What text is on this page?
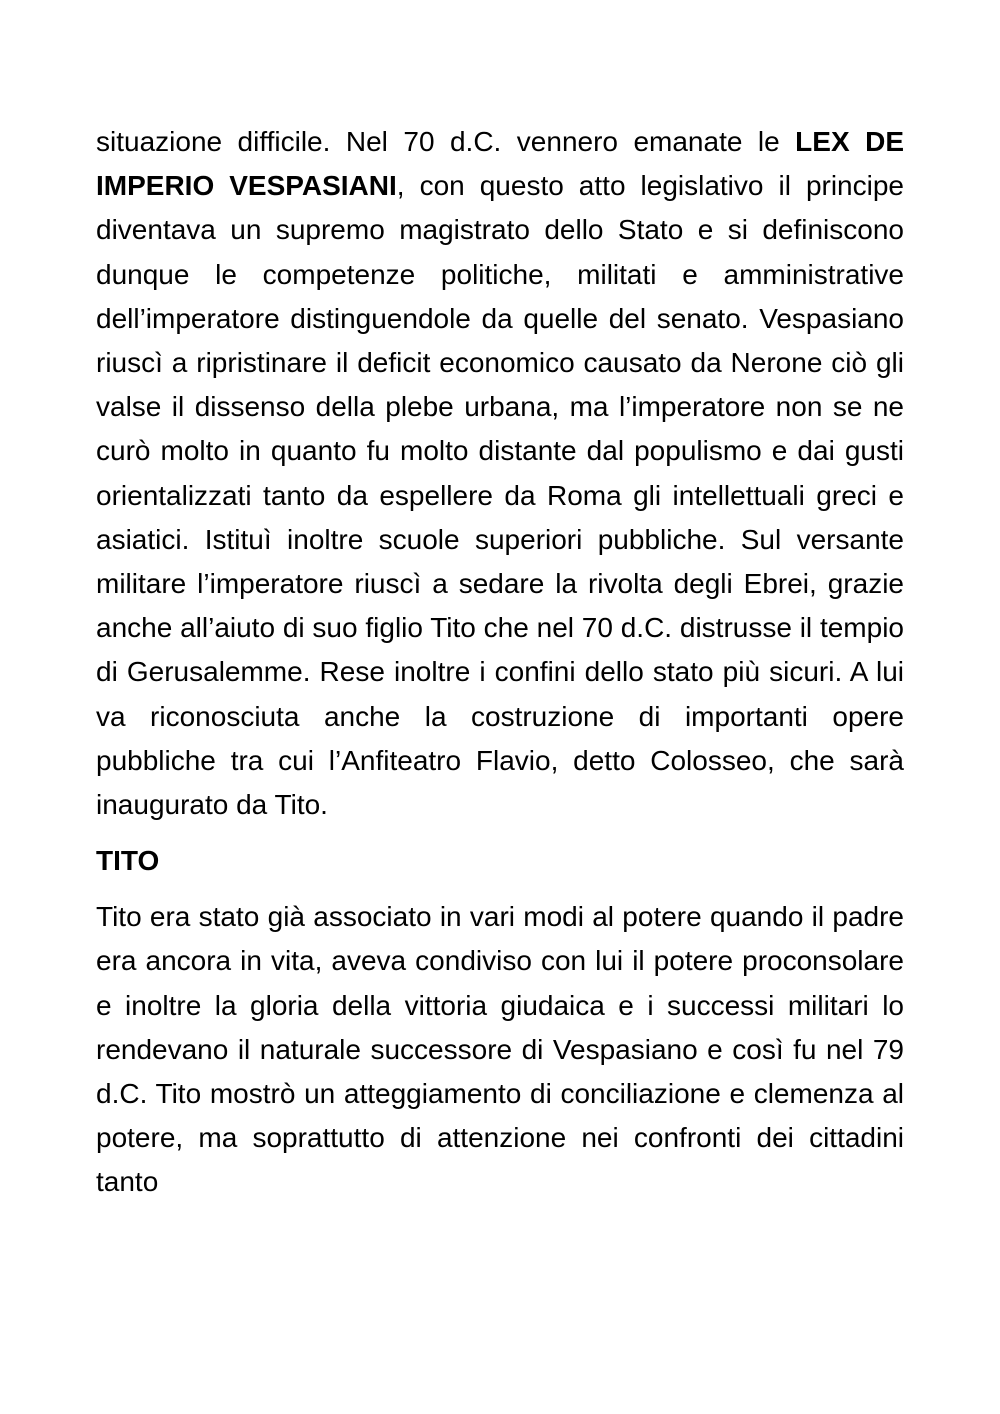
situazione difficile. Nel 70 d.C. vennero emanate le LEX DE IMPERIO VESPASIANI, con questo atto legislativo il principe diventava un supremo magistrato dello Stato e si definiscono dunque le competenze politiche, militati e amministrative dell’imperatore distinguendole da quelle del senato. Vespasiano riuscì a ripristinare il deficit economico causato da Nerone ciò gli valse il dissenso della plebe urbana, ma l’imperatore non se ne curò molto in quanto fu molto distante dal populismo e dai gusti orientalizzati tanto da espellere da Roma gli intellettuali greci e asiatici. Istituì inoltre scuole superiori pubbliche. Sul versante militare l’imperatore riuscì a sedare la rivolta degli Ebrei, grazie anche all’aiuto di suo figlio Tito che nel 70 d.C. distrusse il tempio di Gerusalemme. Rese inoltre i confini dello stato più sicuri. A lui va riconosciuta anche la costruzione di importanti opere pubbliche tra cui l’Anfiteatro Flavio, detto Colosseo, che sarà inaugurato da Tito.

TITO

Tito era stato già associato in vari modi al potere quando il padre era ancora in vita, aveva condiviso con lui il potere proconsolare e inoltre la gloria della vittoria giudaica e i successi militari lo rendevano il naturale successore di Vespasiano e così fu nel 79 d.C. Tito mostrò un atteggiamento di conciliazione e clemenza al potere, ma soprattutto di attenzione nei confronti dei cittadini tanto
